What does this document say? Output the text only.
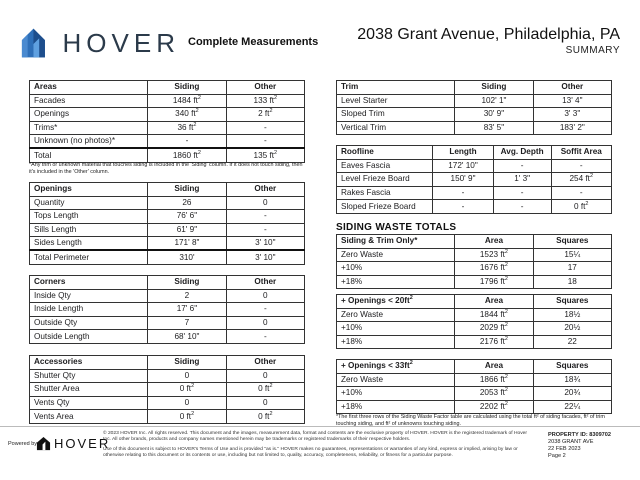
HOVER Complete Measurements 2038 Grant Avenue, Philadelphia, PA
SUMMARY
Areas	Siding	Other
Facades	1484 $ft^2$	133 $ft^2$
Openings	340 $ft^2$	2 $ft^2$
Trims*	36 $ft^2$	-
Unknown (no photos)*	-	-
Total	1860 $ft^2$	135 $ft^2$
*Any trim or unknown material that touches siding is included in the 'Siding' column. If it does not touch siding, then it's included in the 'Other' column.
Openings	Siding	Other
Quantity	26	0
Tops Length	76' 6"	-
Sills Length	61' 9"	-
Sides Length	171' 8"	3' 10"
Total Perimeter	310'	3' 10"
Corners	Siding	Other
Inside Qty	2	0
Inside Length	17' 6"	-
Outside Qty	7	0
Outside Length	68' 10"	-
Accessories	Siding	Other
Shutter Qty	0	0
Shutter Area	0 $ft^2$	0 $ft^2$
Vents Qty	0	0
Vents Area	0 $ft^2$	0 $ft^2$
Trim	Siding	Other
Level Starter	102' 1"	13' 4"
Sloped Trim	30' 9"	3' 3"
Vertical Trim	83' 5"	183' 2"
Roofline	Length	Avg. Depth	Soffit Area
Eaves Fascia	172' 10"	-	-
Level Frieze Board	150' 9"	1' 3"	254 $ft^2$
Rakes Fascia	-	-	-
Sloped Frieze Board	-	-	0 $ft^2$
SIDING WASTE TOTALS
Siding & Trim Only*	Area	Squares
Zero Waste	1523 $ft^2$	15¼
+10%	1676 $ft^2$	17
+18%	1796 $ft^2$	18
+ Openings < $20ft^2$	Area	Squares
Zero Waste	1844 $ft^2$	18½
+10%	2029 $ft^2$	20½
+18%	2176 $ft^2$	22
+ Openings < $33ft^2$	Area	Squares
Zero Waste	1866 $ft^2$	18¾
+10%	2053 $ft^2$	20¾
+18%	2202 $ft^2$	22¼
*The first three rows of the Siding Waste Factor table are calculated using the total ft² of siding facades, ft² of trim touching siding, and ft² of unknowns touching siding.
Powered by HOVER

© 2023 HOVER Inc. All rights reserved. This document and the images, measurement data, format and contents are the exclusive property of HOVER. HOVER is the registered trademark of Hover Inc. All other brands, products and company names mentioned herein may be trademarks or registered trademarks of their respective holders.

Use of this document is subject to HOVER's Terms of Use and is provided "as is." HOVER makes no guarantees, representations or warranties of any kind, express or implied, arising by law or otherwise relating to this document or its contents or use, including but not limited to, quality, accuracy, completeness, reliability, or fitness for a particular purpose.

PROPERTY ID: 8309702
2038 GRANT AVE
22 FEB 2023
Page 2
